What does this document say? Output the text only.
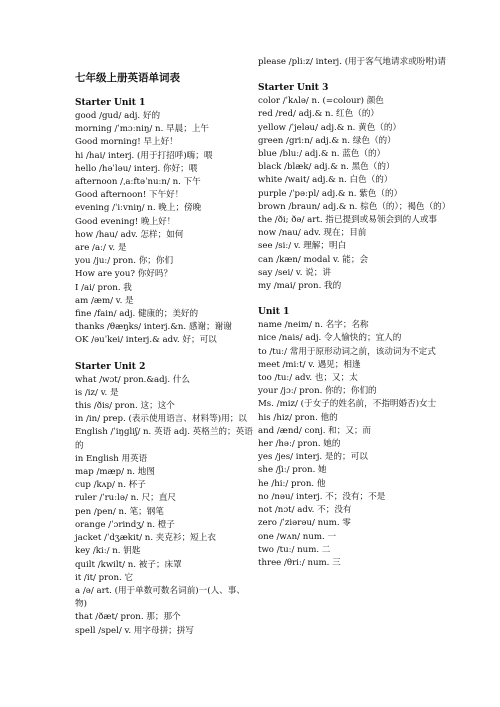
七年级上册英语单词表
Starter Unit 1
good /gud/ adj. 好的
morning /ˈmɔːniŋ/ n. 早晨；上午
Good morning! 早上好！
hi /hai/ interj. (用于打招呼)嗨；喂
hello /həˈləu/ interj. 你好；喂
afternoon /ˌaːftəˈnuːn/ n. 下午
Good afternoon! 下午好！
evening /ˈiːvniŋ/ n. 晚上；傍晚
Good evening! 晚上好！
how /hau/ adv. 怎样；如何
are /aː/ v. 是
you /juː/ pron. 你；你们
How are you? 你好吗？
I /ai/ pron. 我
am /æm/ v. 是
fine /fain/ adj. 健康的；美好的
thanks /θæŋks/ interj.&n. 感谢；谢谢
OK /əuˈkei/ interj.& adv. 好；可以
Starter Unit 2
what /wɔt/ pron.&adj. 什么
is /iz/ v. 是
this /ðis/ pron. 这；这个
in /in/ prep. (表示使用语言、材料等)用；以
English /ˈiŋgliʃ/ n. 英语 adj. 英格兰的；英语的
in English 用英语
map /mæp/ n. 地图
cup /kʌp/ n. 杯子
ruler /ˈruːlə/ n. 尺；直尺
pen /pen/ n. 笔；钢笔
orange /ˈɔrindʒ/ n. 橙子
jacket /ˈdʒækit/ n. 夹克衫；短上衣
key /kiː/ n. 钥匙
quilt /kwilt/ n. 被子；床罩
it /it/ pron. 它
a /ə/ art. (用于单数可数名词前)一(人、事、物)
that /ðæt/ pron. 那；那个
spell /spel/ v. 用字母拼；拼写
please /pliːz/ interj. (用于客气地请求或吩咐)请
Starter Unit 3
color /ˈkʌlə/ n. (=colour) 颜色
red /red/ adj.& n. 红色（的）
yellow /ˈjeləu/ adj.& n. 黄色（的）
green /griːn/ adj.& n. 绿色（的）
blue /bluː/ adj.& n. 蓝色（的）
black /blæk/ adj.& n. 黑色（的）
white /wait/ adj.& n. 白色（的）
purple /ˈpəːpl/ adj.& n. 紫色（的）
brown /braun/ adj.& n. 棕色（的）；褐色（的）
the /ði; ðə/ art. 指已提到或易领会到的人或事
now /nau/ adv. 现在；目前
see /siː/ v. 理解；明白
can /kæn/ modal v. 能；会
say /sei/ v. 说；讲
my /mai/ pron. 我的
Unit 1
name /neim/ n. 名字；名称
nice /nais/ adj. 令人愉快的；宜人的
to /tuː/ 常用于原形动词之前，该动词为不定式
meet /miːt/ v. 遇见；相逢
too /tuː/ adv. 也；又；太
your /jɔː/ pron. 你的；你们的
Ms. /miz/ (于女子的姓名前，不指明婚否)女士
his /hiz/ pron. 他的
and /ænd/ conj. 和；又；而
her /həː/ pron. 她的
yes /jes/ interj. 是的；可以
she /ʃiː/ pron. 她
he /hiː/ pron. 他
no /nəu/ interj. 不；没有；不是
not /nɔt/ adv. 不；没有
zero /ˈziərəu/ num. 零
one /wʌn/ num. 一
two /tuː/ num. 二
three /θriː/ num. 三
